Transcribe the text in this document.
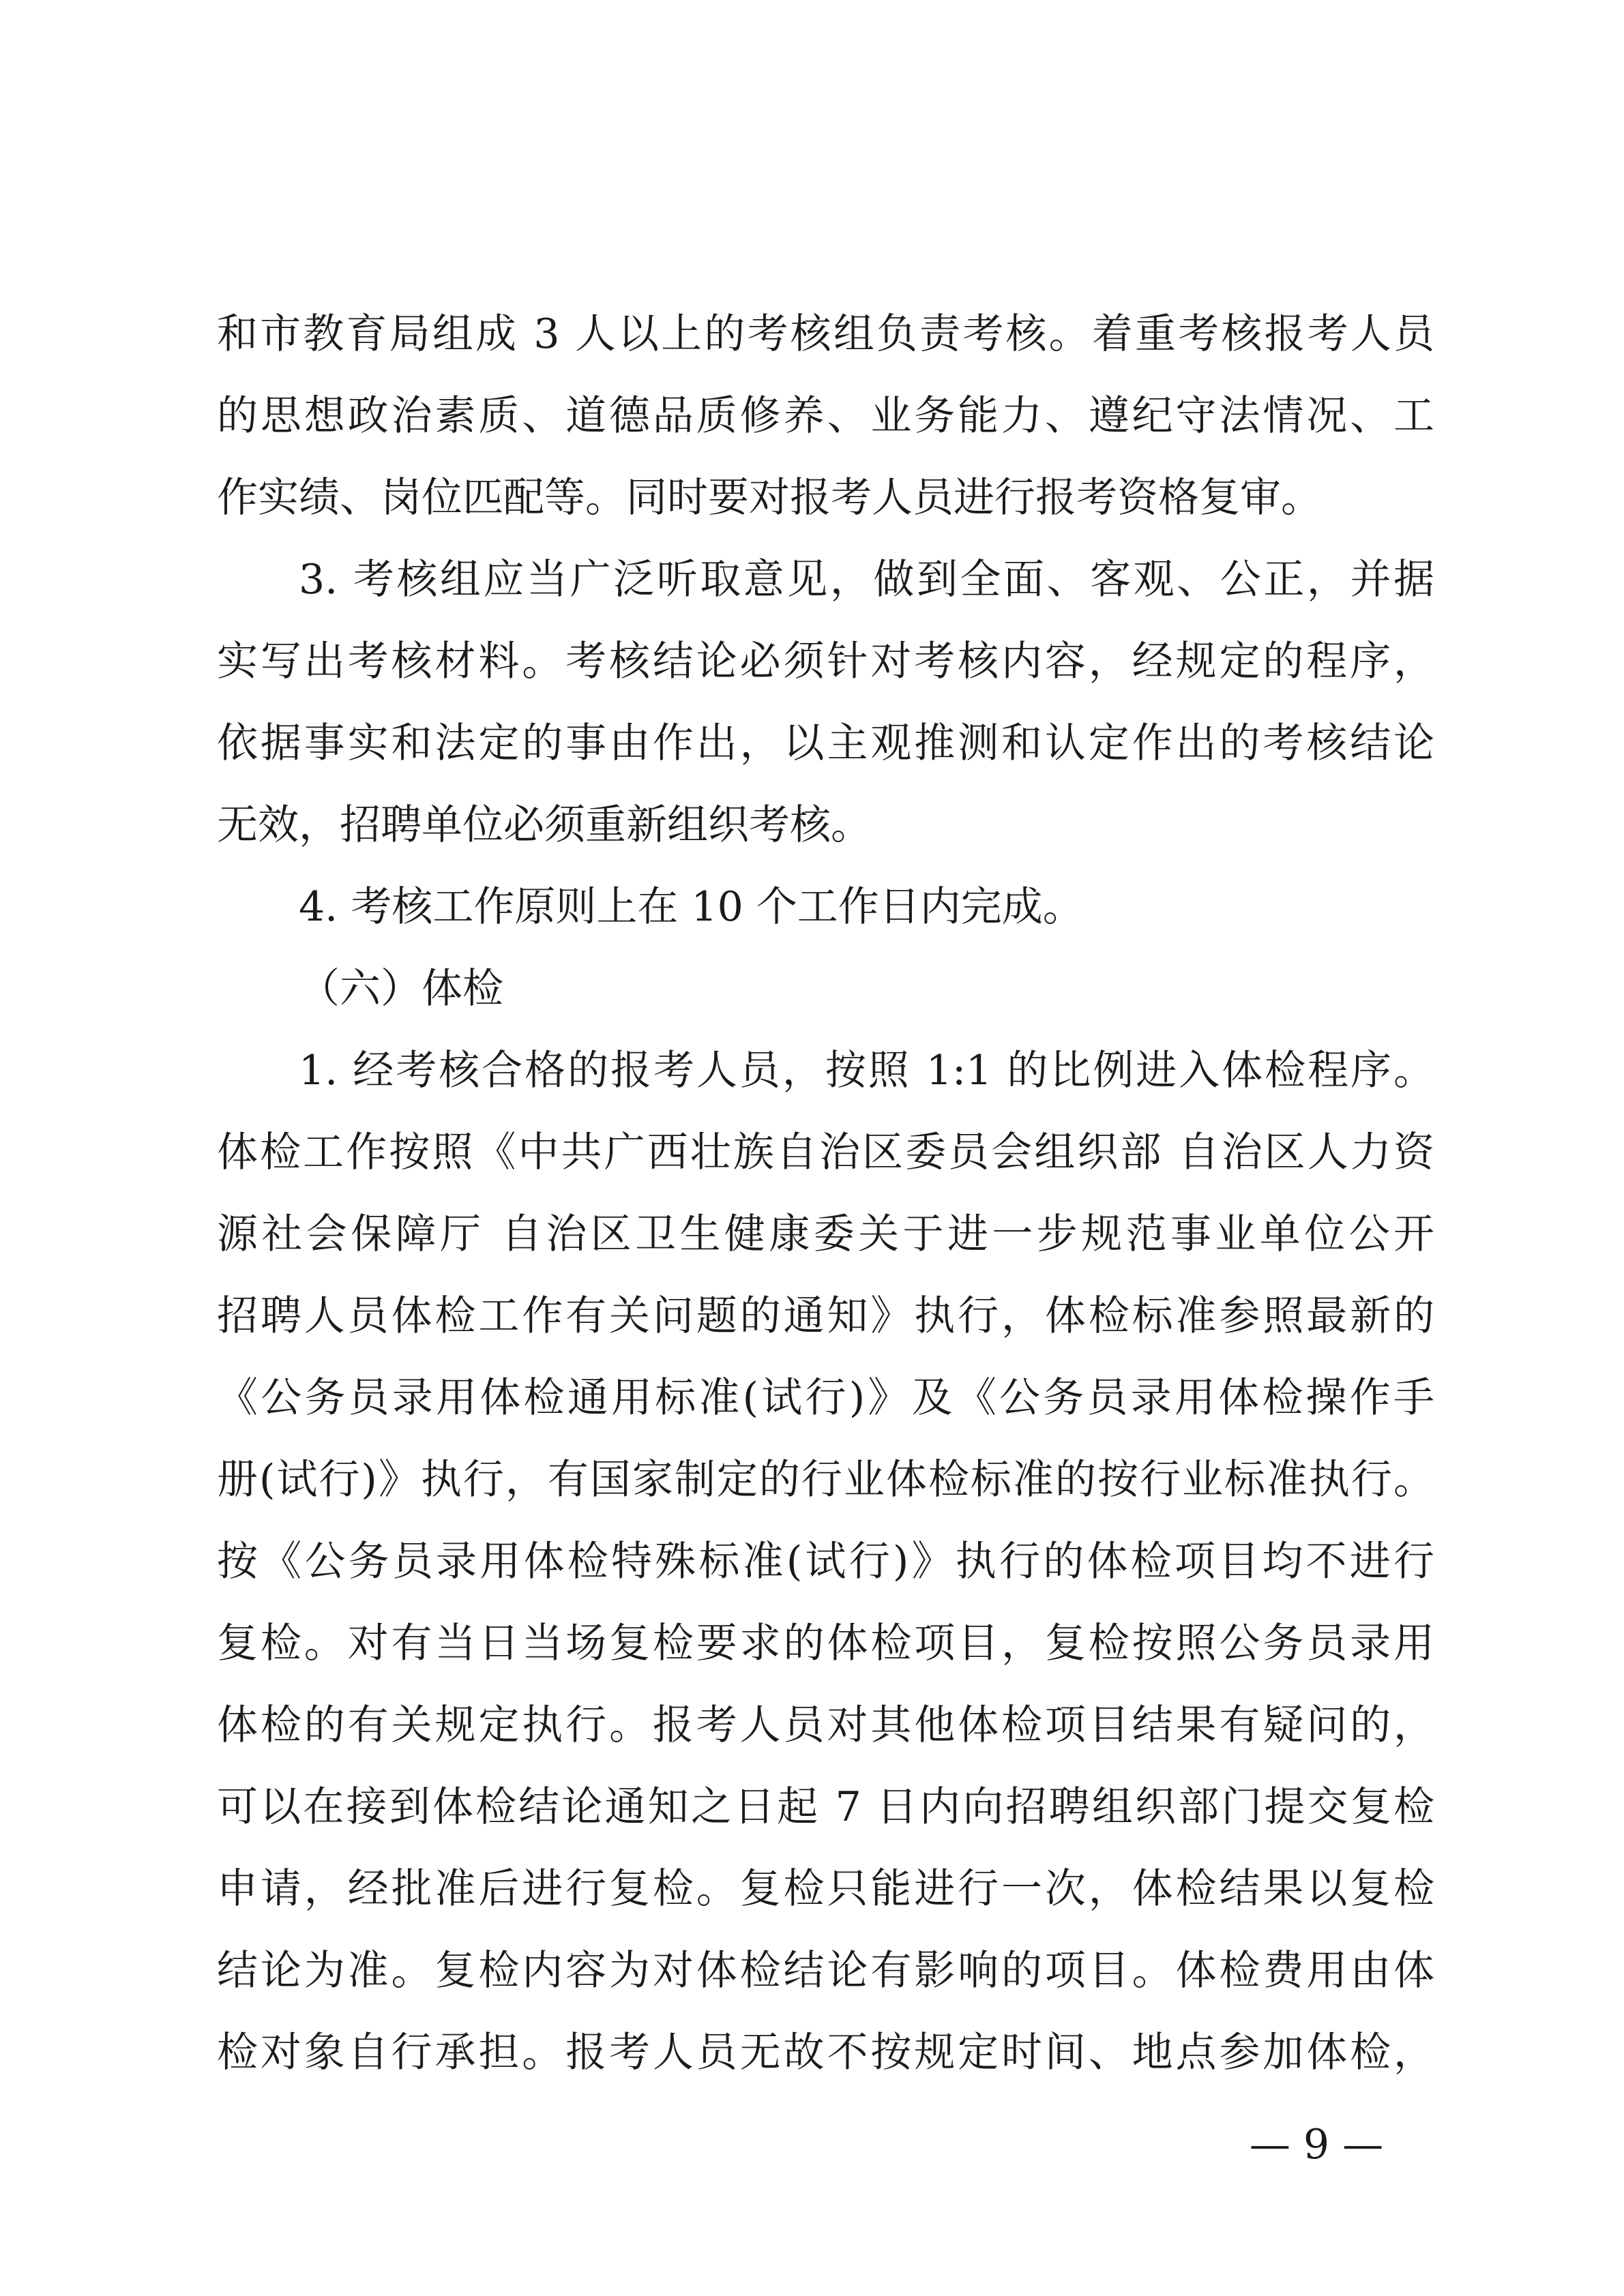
和市教育局组成 3 人以上的考核组负责考核。着重考核报考人员
的思想政治素质、道德品质修养、业务能力、遵纪守法情况、工
作实绩、岗位匹配等。同时要对报考人员进行报考资格复审。
3. 考核组应当广泛听取意见，做到全面、客观、公正，并据
实写出考核材料。考核结论必须针对考核内容，经规定的程序，
依据事实和法定的事由作出，以主观推测和认定作出的考核结论
无效，招聘单位必须重新组织考核。
4. 考核工作原则上在 10 个工作日内完成。
（六）体检
1. 经考核合格的报考人员，按照 1:1 的比例进入体检程序。
体检工作按照《中共广西壮族自治区委员会组织部 自治区人力资
源社会保障厅 自治区卫生健康委关于进一步规范事业单位公开
招聘人员体检工作有关问题的通知》执行，体检标准参照最新的
《公务员录用体检通用标准(试行)》及《公务员录用体检操作手
册(试行)》执行，有国家制定的行业体检标准的按行业标准执行。
按《公务员录用体检特殊标准(试行)》执行的体检项目均不进行
复检。对有当日当场复检要求的体检项目，复检按照公务员录用
体检的有关规定执行。报考人员对其他体检项目结果有疑问的，
可以在接到体检结论通知之日起 7 日内向招聘组织部门提交复检
申请，经批准后进行复检。复检只能进行一次，体检结果以复检
结论为准。复检内容为对体检结论有影响的项目。体检费用由体
检对象自行承担。报考人员无故不按规定时间、地点参加体检，
— 9 —
